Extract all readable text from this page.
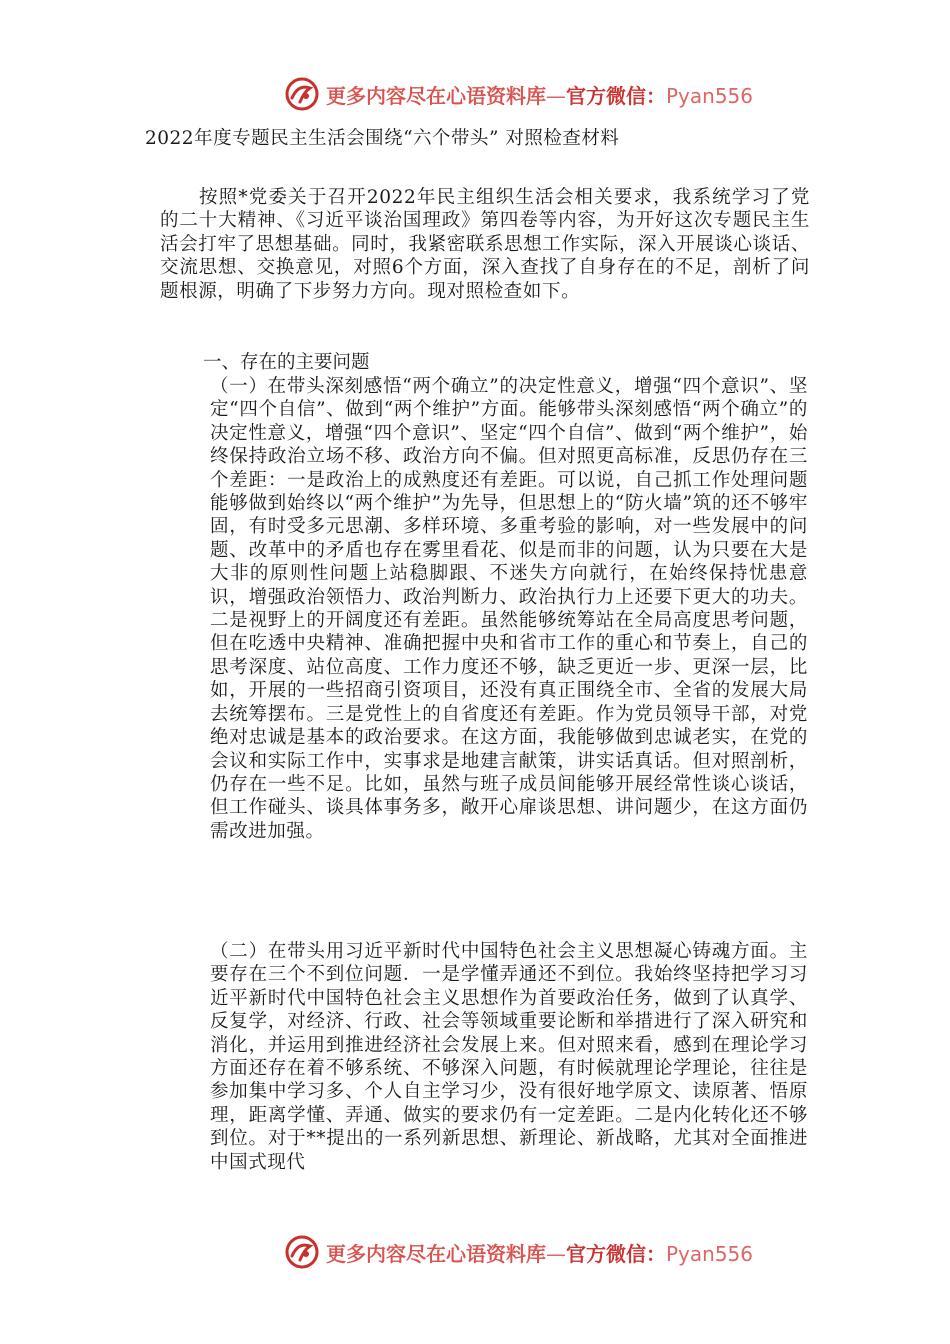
更多内容尽在心语资料库—官方微信：Pyan556
2022年度专题民主生活会围绕“六个带头” 对照检查材料
按照*党委关于召开2022年民主组织生活会相关要求，我系统学习了党的二十大精神、《习近平谈治国理政》第四卷等内容，为开好这次专题民主生活会打牢了思想基础。同时，我紧密联系思想工作实际，深入开展谈心谈话、交流思想、交换意见，对照6个方面，深入查找了自身存在的不足，剖析了问题根源，明确了下步努力方向。现对照检查如下。
一、存在的主要问题
（一）在带头深刻感悟“两个确立”的决定性意义，增强“四个意识”、坚定“四个自信”、做到“两个维护”方面。能够带头深刻感悟“两个确立”的决定性意义，增强“四个意识”、坚定“四个自信”、做到“两个维护”，始终保持政治立场不移、政治方向不偏。但对照更高标准，反思仍存在三个差距：一是政治上的成熟度还有差距。可以说，自己抓工作处理问题能够做到始终以“两个维护”为先导，但思想上的“防火墙”筑的还不够牢固，有时受多元思潮、多样环境、多重考验的影响，对一些发展中的问题、改革中的矛盾也存在雾里看花、似是而非的问题，认为只要在大是大非的原则性问题上站稳脚跟、不迷失方向就行，在始终保持忧患意识，增强政治领悟力、政治判断力、政治执行力上还要下更大的功夫。二是视野上的开阔度还有差距。虽然能够统筹站在全局高度思考问题，但在吃透中央精神、准确把握中央和省市工作的重心和节奏上，自己的思考深度、站位高度、工作力度还不够，缺乏更近一步、更深一层，比如，开展的一些招商引资项目，还没有真正围绕全市、全省的发展大局去统筹摆布。三是党性上的自省度还有差距。作为党员领导干部，对党绝对忠诚是基本的政治要求。在这方面，我能够做到忠诚老实，在党的会议和实际工作中，实事求是地建言献策，讲实话真话。但对照剖析，仍存在一些不足。比如，虽然与班子成员间能够开展经常性谈心谈话，但工作碰头、谈具体事务多，敞开心扉谈思想、讲问题少，在这方面仍需改进加强。
（二）在带头用习近平新时代中国特色社会主义思想凝心铸魂方面。主要存在三个不到位问题．一是学懂弄通还不到位。我始终坚持把学习习近平新时代中国特色社会主义思想作为首要政治任务，做到了认真学、反复学，对经济、行政、社会等领域重要论断和举措进行了深入研究和消化，并运用到推进经济社会发展上来。但对照来看，感到在理论学习方面还存在着不够系统、不够深入问题，有时候就理论学理论，往往是参加集中学习多、个人自主学习少，没有很好地学原文、读原著、悟原理，距离学懂、弄通、做实的要求仍有一定差距。二是内化转化还不够到位。对于**提出的一系列新思想、新理论、新战略，尤其对全面推进中国式现代
更多内容尽在心语资料库—官方微信：Pyan556
